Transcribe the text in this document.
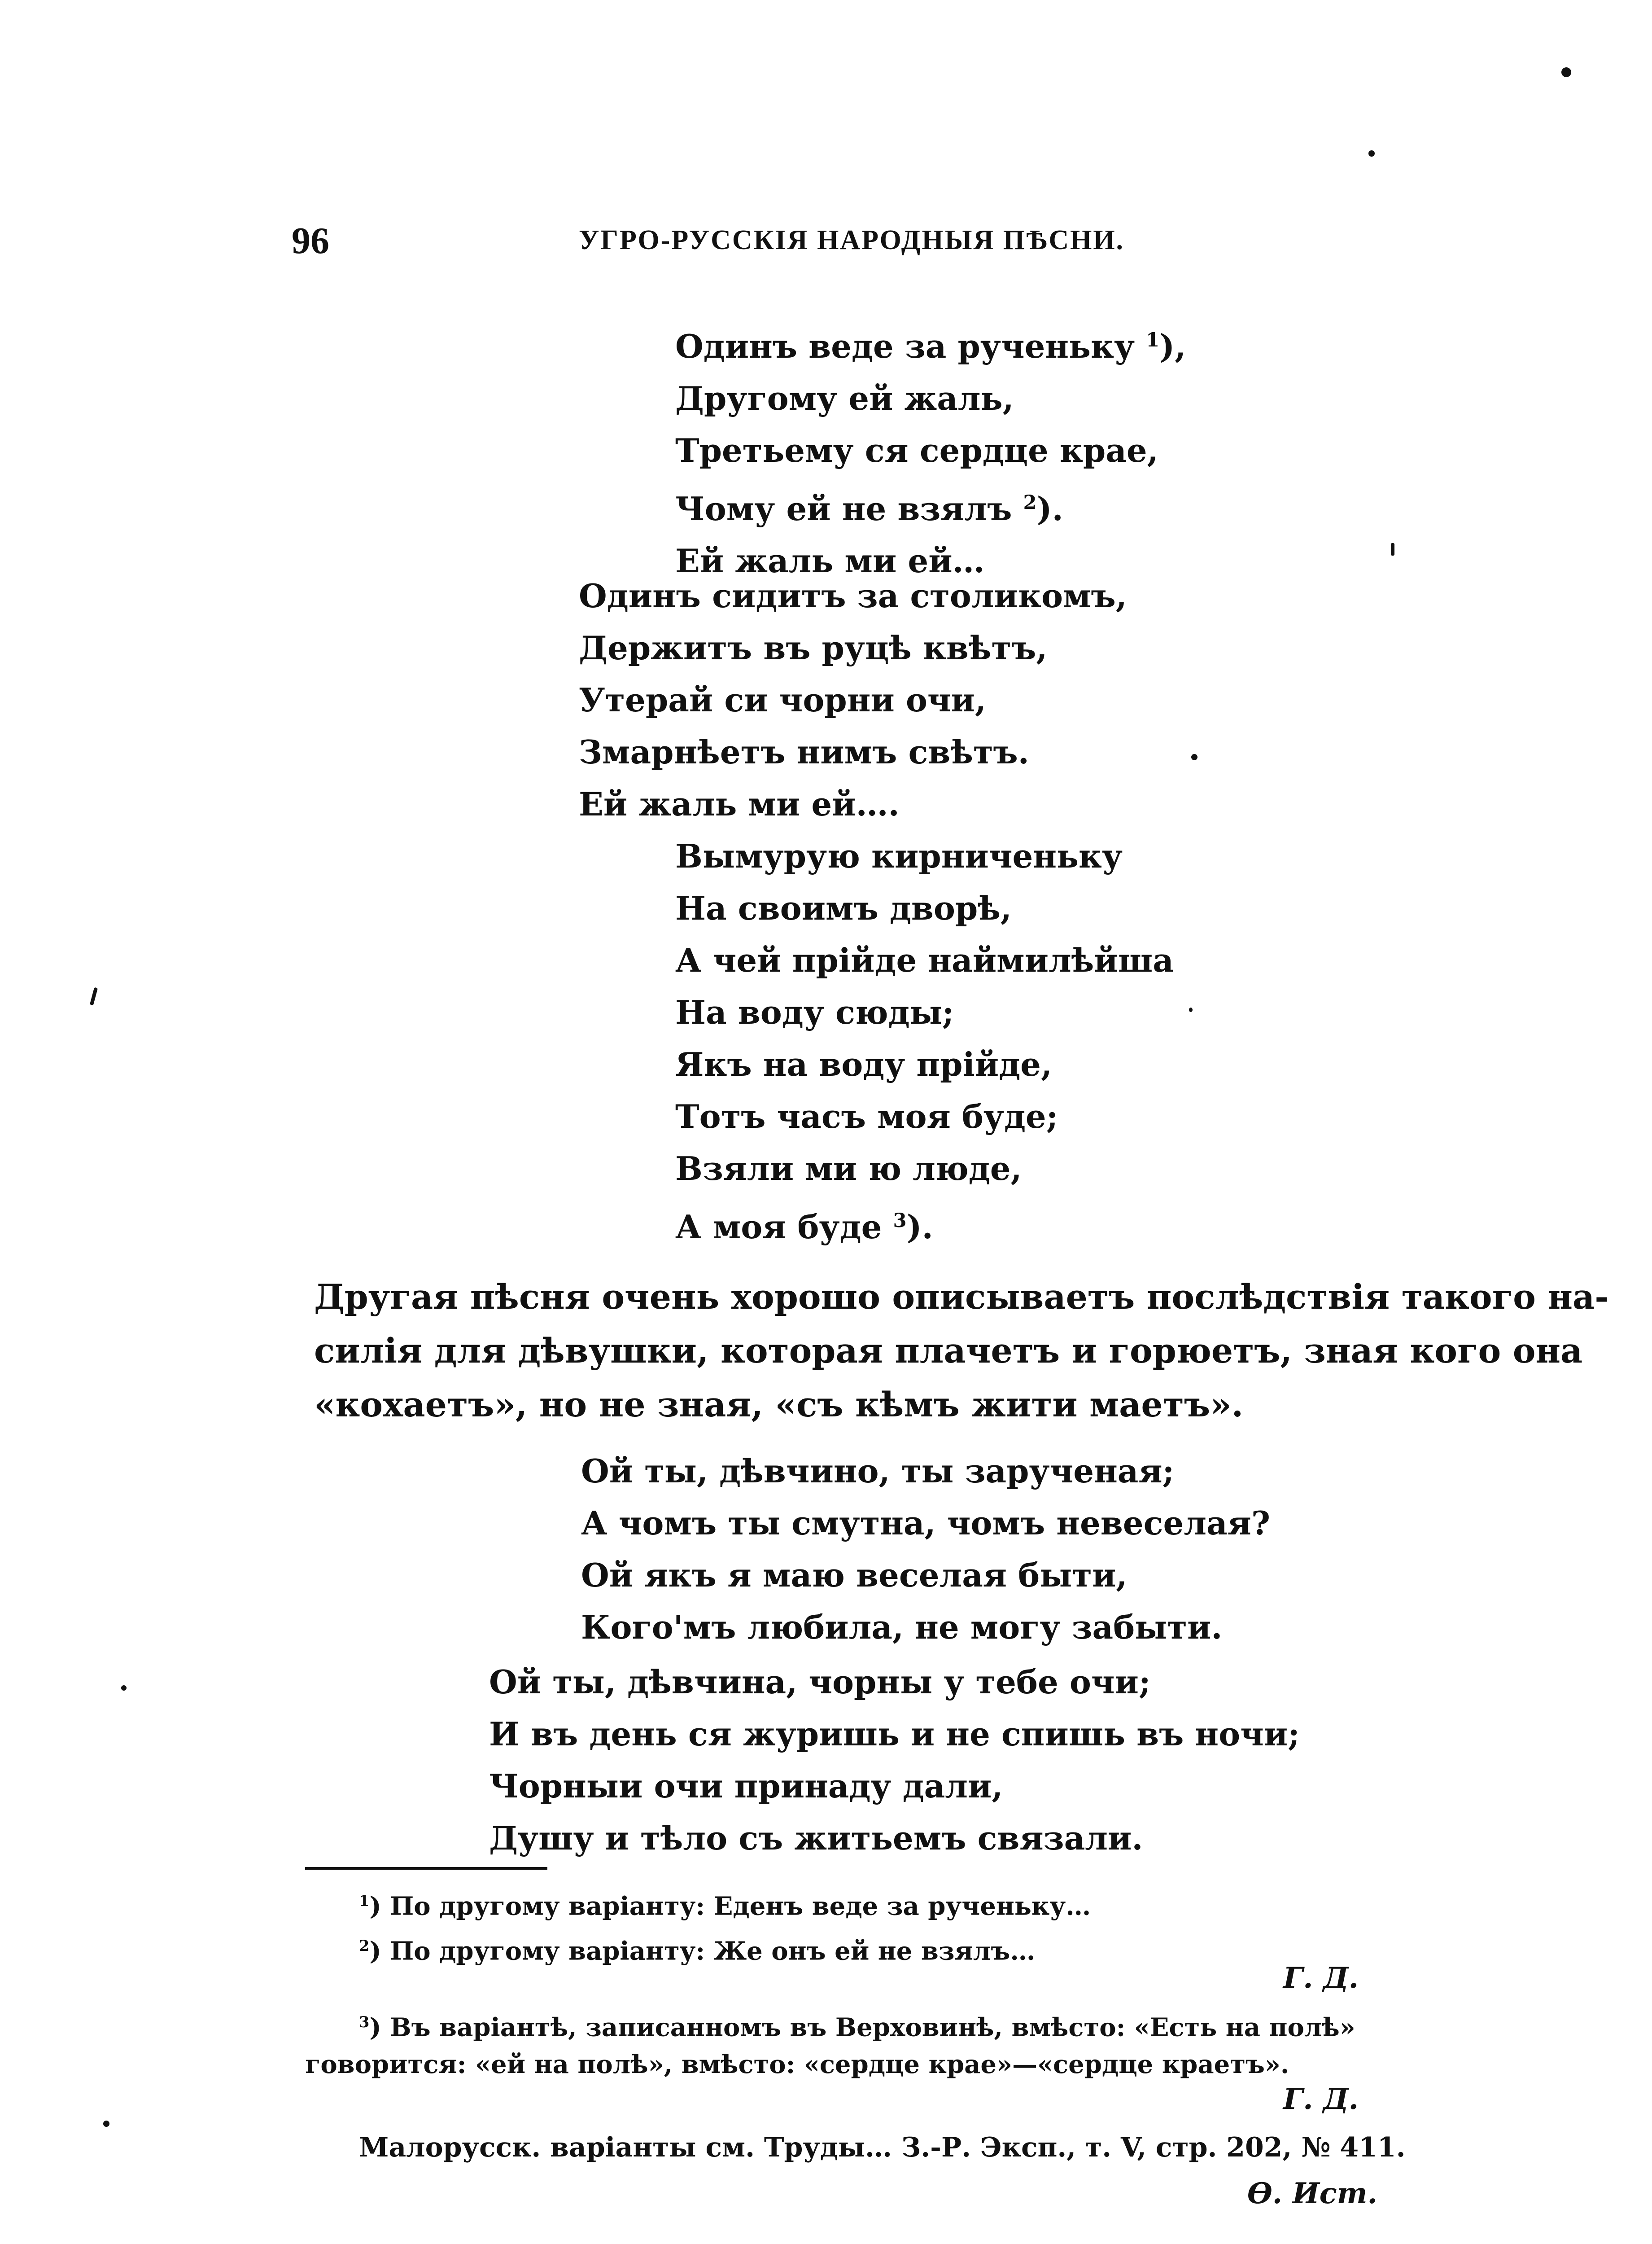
96	УГРО-РУССКІЯ НАРОДНЫЯ ПѢСНИ.
Одинъ веде за рученьку $^1$),
Другому ей жаль,
Третьему ся сердце крае,
Чому ей не взялъ $^2$).
Ей жаль ми ей…
Одинъ сидитъ за столикомъ,
Держитъ въ руцѣ квѣтъ,
Утерай си чорни очи,
Змарнѣетъ нимъ свѣтъ.
Ей жаль ми ей….
Вымурую кирниченьку
На своимъ дворѣ,
А чей прійде наймилѣйша
На воду сюды;
Якъ на воду прійде,
Тотъ часъ моя буде;
Взяли ми ю люде,
А моя буде $^3$).
Другая пѣсня очень хорошо описываетъ послѣдствія такого на-
силія для дѣвушки, которая плачетъ и горюетъ, зная кого она
«кохаетъ», но не зная, «съ кѣмъ жити маетъ».
Ой ты, дѣвчино, ты зарученая;
А чомъ ты смутна, чомъ невеселая?
Ой якъ я маю веселая быти,
Кого'мъ любила, не могу забыти.
Ой ты, дѣвчина, чорны у тебе очи;
И въ день ся журишь и не спишь въ ночи;
Чорныи очи принаду дали,
Душу и тѣло съ житьемъ связали.
$^1$) По другому варіанту: Еденъ веде за рученьку…
$^2$) По другому варіанту: Же онъ ей не взялъ…
Г. Д.
$^3$) Въ варіантѣ, записанномъ въ Верховинѣ, вмѣсто: «Есть на полѣ»
говорится: «ей на полѣ», вмѣсто: «сердце крае»—«сердце краетъ».
Г. Д.
Малорусск. варіанты см. Труды… З.-Р. Эксп., т. V, стр. 202, № 411.
Ѳ. Ист.
